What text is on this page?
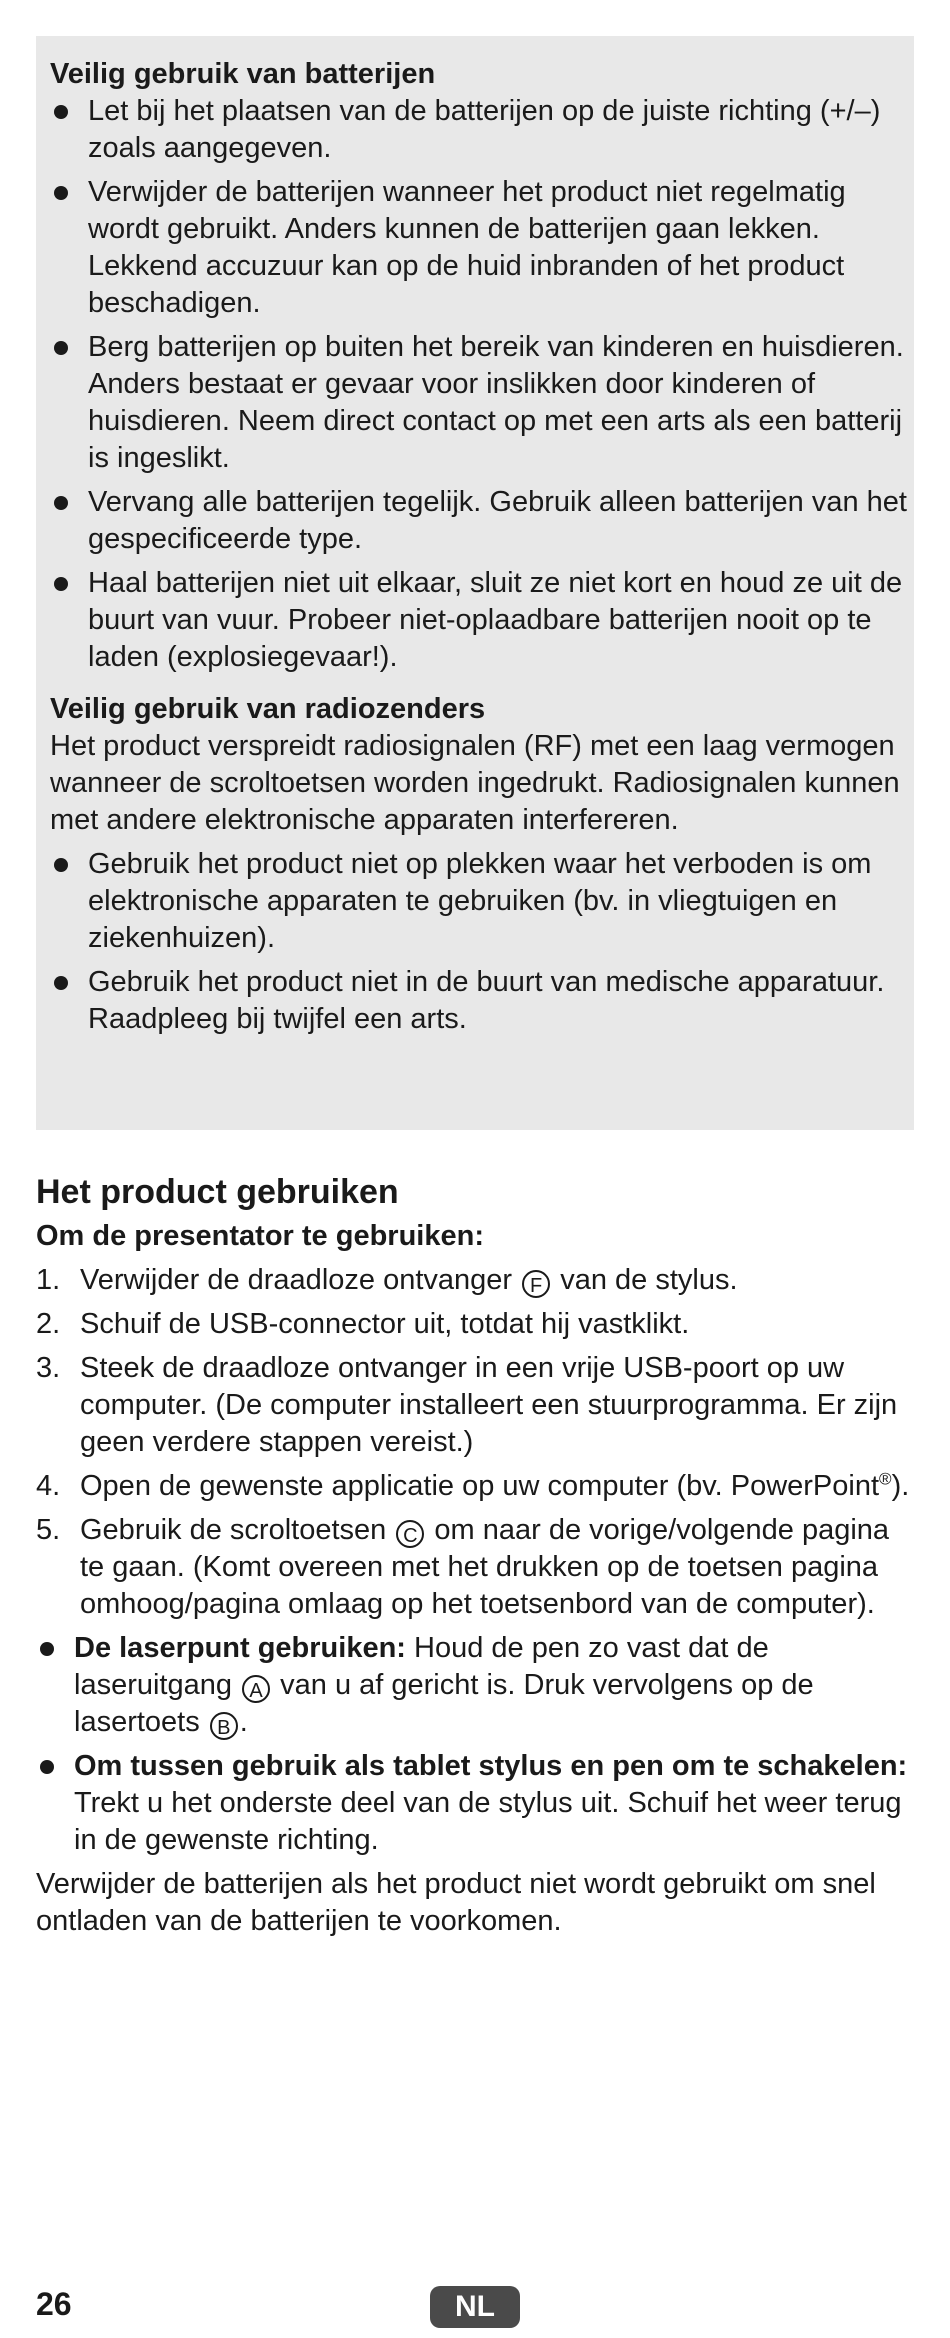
Veilig gebruik van batterijen

Let bij het plaatsen van de batterijen op de juiste richting (+/–) zoals aangegeven.
Verwijder de batterijen wanneer het product niet regelmatig wordt gebruikt. Anders kunnen de batterijen gaan lekken. Lekkend accuzuur kan op de huid inbranden of het product beschadigen.
Berg batterijen op buiten het bereik van kinderen en huisdieren. Anders bestaat er gevaar voor inslikken door kinderen of huisdieren. Neem direct contact op met een arts als een batterij is ingeslikt.
Vervang alle batterijen tegelijk. Gebruik alleen batterijen van het gespecificeerde type.
Haal batterijen niet uit elkaar, sluit ze niet kort en houd ze uit de buurt van vuur. Probeer niet-oplaadbare batterijen nooit op te laden (explosiegevaar!).

Veilig gebruik van radiozenders

Het product verspreidt radiosignalen (RF) met een laag vermogen wanneer de scroltoetsen worden ingedrukt. Radiosignalen kunnen met andere elektronische apparaten interfereren.

Gebruik het product niet op plekken waar het verboden is om elektronische apparaten te gebruiken (bv. in vliegtuigen en ziekenhuizen).
Gebruik het product niet in de buurt van medische apparatuur. Raadpleeg bij twijfel een arts.

Het product gebruiken

Om de presentator te gebruiken:

1. Verwijder de draadloze ontvanger F van de stylus.
2. Schuif de USB-connector uit, totdat hij vastklikt.
3. Steek de draadloze ontvanger in een vrije USB-poort op uw computer. (De computer installeert een stuurprogramma. Er zijn geen verdere stappen vereist.)
4. Open de gewenste applicatie op uw computer (bv. PowerPoint®).
5. Gebruik de scroltoetsen C om naar de vorige/volgende pagina te gaan. (Komt overeen met het drukken op de toetsen pagina omhoog/pagina omlaag op het toetsenbord van de computer).
De laserpunt gebruiken: Houd de pen zo vast dat de laseruitgang A van u af gericht is. Druk vervolgens op de lasertoets B .
Om tussen gebruik als tablet stylus en pen om te schakelen: Trekt u het onderste deel van de stylus uit. Schuif het weer terug in de gewenste richting.

Verwijder de batterijen als het product niet wordt gebruikt om snel ontladen van de batterijen te voorkomen.

26	NL
